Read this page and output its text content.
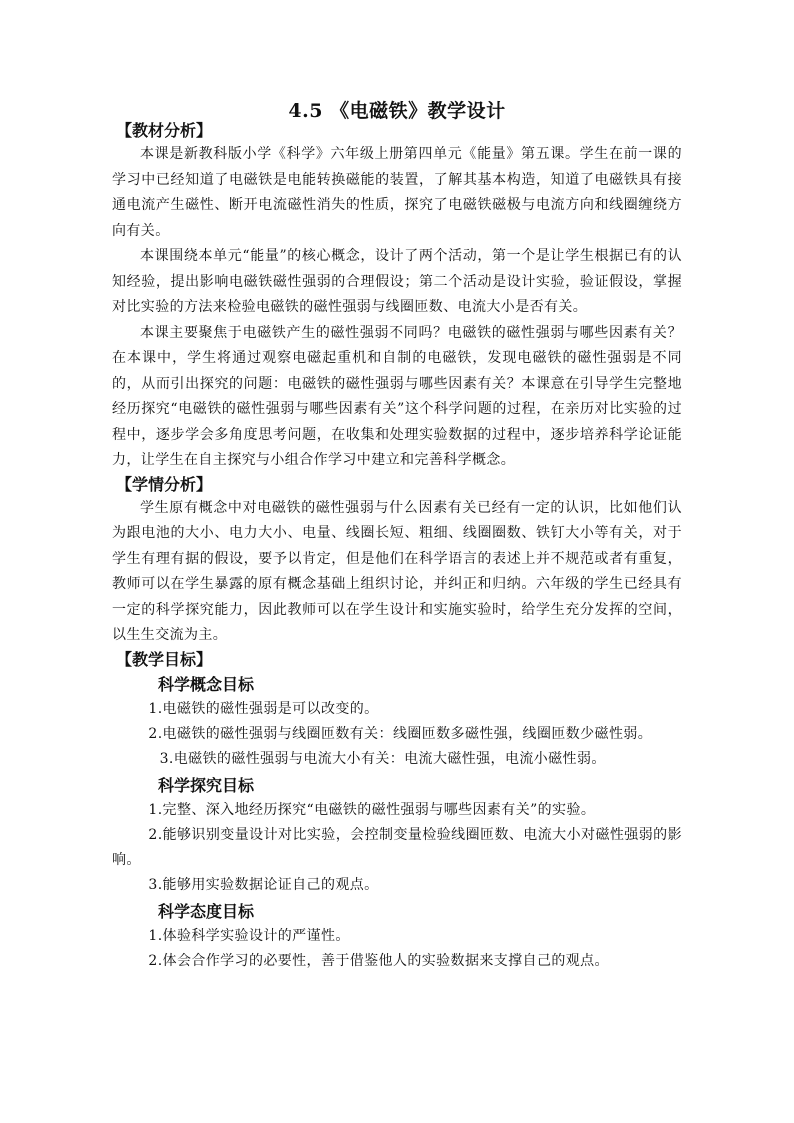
4.5 《电磁铁》教学设计
【教材分析】

本课是新教科版小学《科学》六年级上册第四单元《能量》第五课。学生在前一课的学习中已经知道了电磁铁是电能转换磁能的装置，了解其基本构造，知道了电磁铁具有接通电流产生磁性、断开电流磁性消失的性质，探究了电磁铁磁极与电流方向和线圈缠绕方向有关。

本课围绕本单元“能量”的核心概念，设计了两个活动，第一个是让学生根据已有的认知经验，提出影响电磁铁磁性强弱的合理假设；第二个活动是设计实验，验证假设，掌握对比实验的方法来检验电磁铁的磁性强弱与线圈匝数、电流大小是否有关。

本课主要聚焦于电磁铁产生的磁性强弱不同吗？电磁铁的磁性强弱与哪些因素有关？在本课中，学生将通过观察电磁起重机和自制的电磁铁，发现电磁铁的磁性强弱是不同的，从而引出探究的问题：电磁铁的磁性强弱与哪些因素有关？本课意在引导学生完整地经历探究“电磁铁的磁性强弱与哪些因素有关”这个科学问题的过程，在亲历对比实验的过程中，逐步学会多角度思考问题，在收集和处理实验数据的过程中，逐步培养科学论证能力，让学生在自主探究与小组合作学习中建立和完善科学概念。

【学情分析】

学生原有概念中对电磁铁的磁性强弱与什么因素有关已经有一定的认识，比如他们认为跟电池的大小、电力大小、电量、线圈长短、粗细、线圈圈数、铁钉大小等有关，对于学生有理有据的假设，要予以肯定，但是他们在科学语言的表述上并不规范或者有重复，教师可以在学生暴露的原有概念基础上组织讨论，并纠正和归纳。六年级的学生已经具有一定的科学探究能力，因此教师可以在学生设计和实施实验时，给学生充分发挥的空间，以生生交流为主。

【教学目标】
科学概念目标

1.电磁铁的磁性强弱是可以改变的。

2.电磁铁的磁性强弱与线圈匝数有关：线圈匝数多磁性强，线圈匝数少磁性弱。

3.电磁铁的磁性强弱与电流大小有关：电流大磁性强，电流小磁性弱。

科学探究目标

1.完整、深入地经历探究“电磁铁的磁性强弱与哪些因素有关”的实验。

2.能够识别变量设计对比实验，会控制变量检验线圈匝数、电流大小对磁性强弱的影响。

3.能够用实验数据论证自己的观点。

科学态度目标

1.体验科学实验设计的严谨性。

2.体会合作学习的必要性，善于借鉴他人的实验数据来支撑自己的观点。
